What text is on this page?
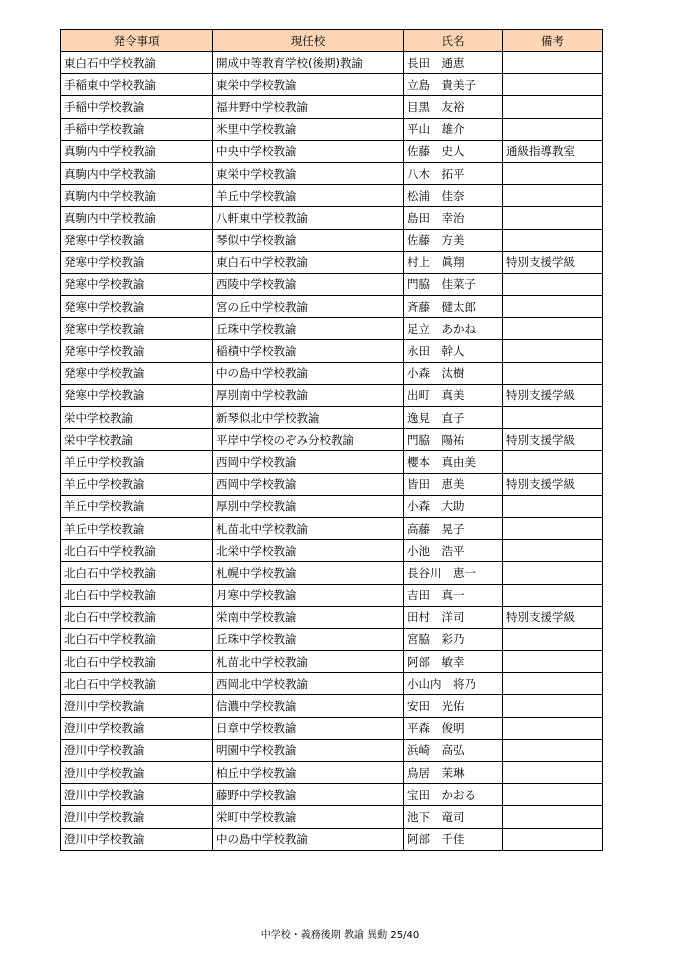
発令事項	現任校	氏名	備考
東白石中学校教諭	開成中等教育学校(後期)教諭	長田　通恵	
手稲東中学校教諭	東栄中学校教諭	立島　貴美子	
手稲中学校教諭	福井野中学校教諭	目黒　友裕	
手稲中学校教諭	米里中学校教諭	平山　雄介	
真駒内中学校教諭	中央中学校教諭	佐藤　史人	通級指導教室
真駒内中学校教諭	東栄中学校教諭	八木　拓平	
真駒内中学校教諭	羊丘中学校教諭	松浦　佳奈	
真駒内中学校教諭	八軒東中学校教諭	島田　幸治	
発寒中学校教諭	琴似中学校教諭	佐藤　方美	
発寒中学校教諭	東白石中学校教諭	村上　眞翔	特別支援学級
発寒中学校教諭	西陵中学校教諭	門脇　佳菜子	
発寒中学校教諭	宮の丘中学校教諭	斉藤　健太郎	
発寒中学校教諭	丘珠中学校教諭	足立　あかね	
発寒中学校教諭	稲積中学校教諭	永田　幹人	
発寒中学校教諭	中の島中学校教諭	小森　汰樹	
発寒中学校教諭	厚別南中学校教諭	出町　真美	特別支援学級
栄中学校教諭	新琴似北中学校教諭	逸見　直子	
栄中学校教諭	平岸中学校のぞみ分校教諭	門脇　陽祐	特別支援学級
羊丘中学校教諭	西岡中学校教諭	櫻本　真由美	
羊丘中学校教諭	西岡中学校教諭	皆田　恵美	特別支援学級
羊丘中学校教諭	厚別中学校教諭	小森　大助	
羊丘中学校教諭	札苗北中学校教諭	高藤　晃子	
北白石中学校教諭	北栄中学校教諭	小池　浩平	
北白石中学校教諭	札幌中学校教諭	長谷川　恵一	
北白石中学校教諭	月寒中学校教諭	吉田　真一	
北白石中学校教諭	栄南中学校教諭	田村　洋司	特別支援学級
北白石中学校教諭	丘珠中学校教諭	宮脇　彩乃	
北白石中学校教諭	札苗北中学校教諭	阿部　敏幸	
北白石中学校教諭	西岡北中学校教諭	小山内　将乃	
澄川中学校教諭	信濃中学校教諭	安田　光佑	
澄川中学校教諭	日章中学校教諭	平森　俊明	
澄川中学校教諭	明園中学校教諭	浜崎　高弘	
澄川中学校教諭	柏丘中学校教諭	鳥居　茉琳	
澄川中学校教諭	藤野中学校教諭	宝田　かおる	
澄川中学校教諭	栄町中学校教諭	池下　竜司	
澄川中学校教諭	中の島中学校教諭	阿部　千佳	
中学校・義務後期 教諭 異動 25/40
